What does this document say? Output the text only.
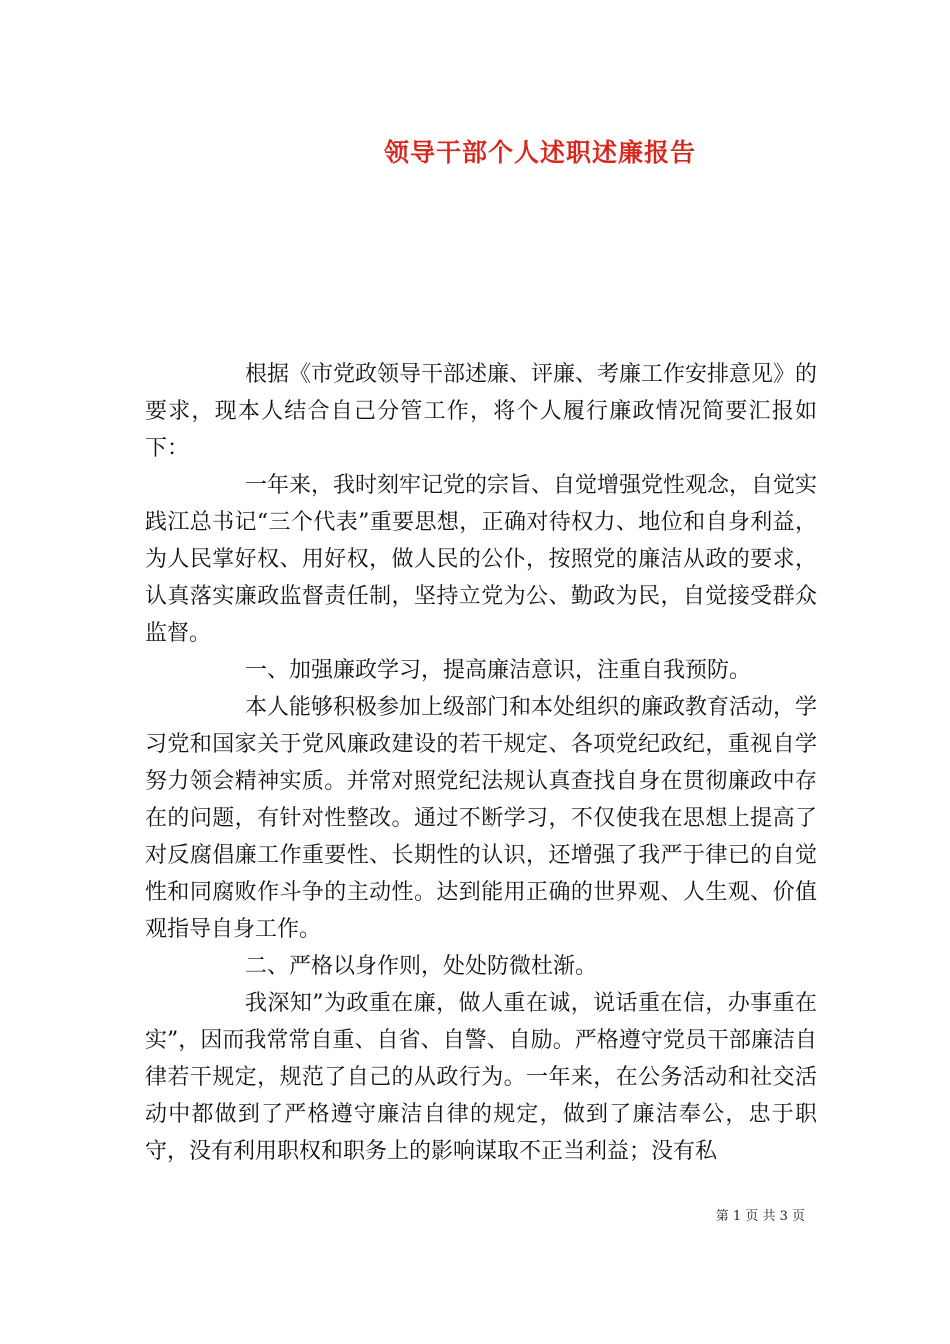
领导干部个人述职述廉报告

根据《市党政领导干部述廉、评廉、考廉工作安排意见》的要求，现本人结合自己分管工作，将个人履行廉政情况简要汇报如下：

一年来，我时刻牢记党的宗旨、自觉增强党性观念，自觉实践江总书记“三个代表”重要思想，正确对待权力、地位和自身利益，为人民掌好权、用好权，做人民的公仆，按照党的廉洁从政的要求，认真落实廉政监督责任制，坚持立党为公、勤政为民，自觉接受群众监督。

一、加强廉政学习，提高廉洁意识，注重自我预防。

本人能够积极参加上级部门和本处组织的廉政教育活动，学习党和国家关于党风廉政建设的若干规定、各项党纪政纪，重视自学努力领会精神实质。并常对照党纪法规认真查找自身在贯彻廉政中存在的问题，有针对性整改。通过不断学习，不仅使我在思想上提高了对反腐倡廉工作重要性、长期性的认识，还增强了我严于律已的自觉性和同腐败作斗争的主动性。达到能用正确的世界观、人生观、价值观指导自身工作。

二、严格以身作则，处处防微杜渐。

我深知”为政重在廉，做人重在诚，说话重在信，办事重在实”，因而我常常自重、自省、自警、自励。严格遵守党员干部廉洁自律若干规定，规范了自己的从政行为。一年来，在公务活动和社交活动中都做到了严格遵守廉洁自律的规定，做到了廉洁奉公，忠于职守，没有利用职权和职务上的影响谋取不正当利益；没有私

第 1 页 共 3 页
